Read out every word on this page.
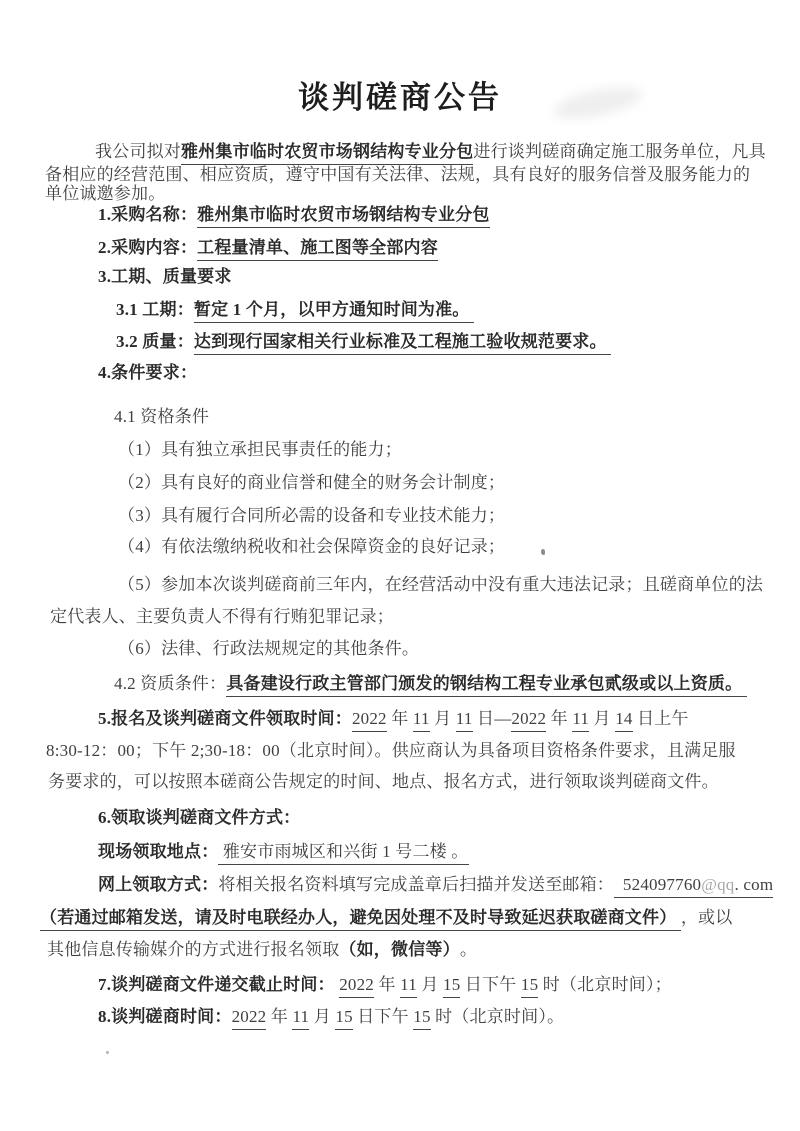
谈判磋商公告
我公司拟对雅州集市临时农贸市场钢结构专业分包进行谈判磋商确定施工服务单位，凡具
备相应的经营范围、相应资质，遵守中国有关法律、法规，具有良好的服务信誉及服务能力的
单位诚邀参加。
1.采购名称：雅州集市临时农贸市场钢结构专业分包
2.采购内容：工程量清单、施工图等全部内容
3.工期、质量要求
3.1 工期：暂定 1 个月，以甲方通知时间为准。
3.2 质量：达到现行国家相关行业标准及工程施工验收规范要求。
4.条件要求：
4.1 资格条件
（1）具有独立承担民事责任的能力；
（2）具有良好的商业信誉和健全的财务会计制度；
（3）具有履行合同所必需的设备和专业技术能力；
（4）有依法缴纳税收和社会保障资金的良好记录；
（5）参加本次谈判磋商前三年内，在经营活动中没有重大违法记录；且磋商单位的法
定代表人、主要负责人不得有行贿犯罪记录；
（6）法律、行政法规规定的其他条件。
4.2 资质条件：具备建设行政主管部门颁发的钢结构工程专业承包贰级或以上资质。
5.报名及谈判磋商文件领取时间：2022 年 11 月 11 日—2022 年 11 月 14 日上午
8:30-12：00；下午 2;30-18：00（北京时间）。供应商认为具备项目资格条件要求，且满足服
务要求的，可以按照本磋商公告规定的时间、地点、报名方式，进行领取谈判磋商文件。
6.领取谈判磋商文件方式：
现场领取地点： 雅安市雨城区和兴街 1 号二楼 。
网上领取方式：将相关报名资料填写完成盖章后扫描并发送至邮箱：  524097760@qq. com
（若通过邮箱发送，请及时电联经办人，避免因处理不及时导致延迟获取磋商文件） ，或以
其他信息传输媒介的方式进行报名领取（如，微信等）。
7.谈判磋商文件递交截止时间： 2022 年 11 月 15 日下午 15 时（北京时间）；
8.谈判磋商时间：2022 年 11 月 15 日下午 15 时（北京时间）。
